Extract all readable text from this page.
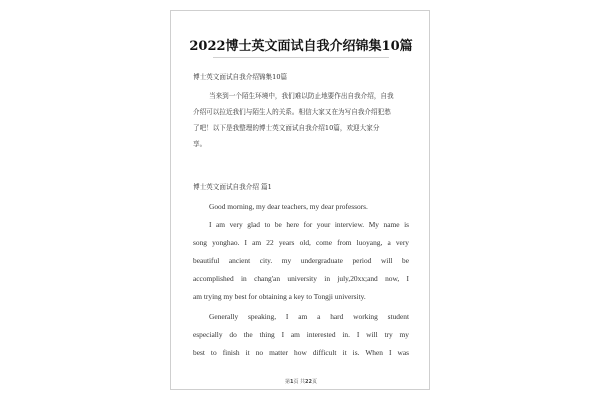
2022博士英文面试自我介绍锦集10篇
博士英文面试自我介绍锦集10篇
当来到一个陌生环境中，我们难以防止地要作出自我介绍，自我
介绍可以拉近我们与陌生人的关系。相信大家又在为写自我介绍犯愁
了吧！以下是我整理的博士英文面试自我介绍10篇，欢迎大家分
享。
博士英文面试自我介绍 篇1
Good morning, my dear teachers, my dear professors.
I am very glad to be here for your interview. My name is
song yonghao. I am 22 years old, come from luoyang, a very
beautiful ancient city. my undergraduate period will be
accomplished in chang'an university in july,20xx;and now, I
am trying my best for obtaining a key to Tongji university.
Generally speaking, I am a hard working student
especially do the thing I am interested in. I will try my
best to finish it no matter how difficult it is. When I was
第1页 共22页
